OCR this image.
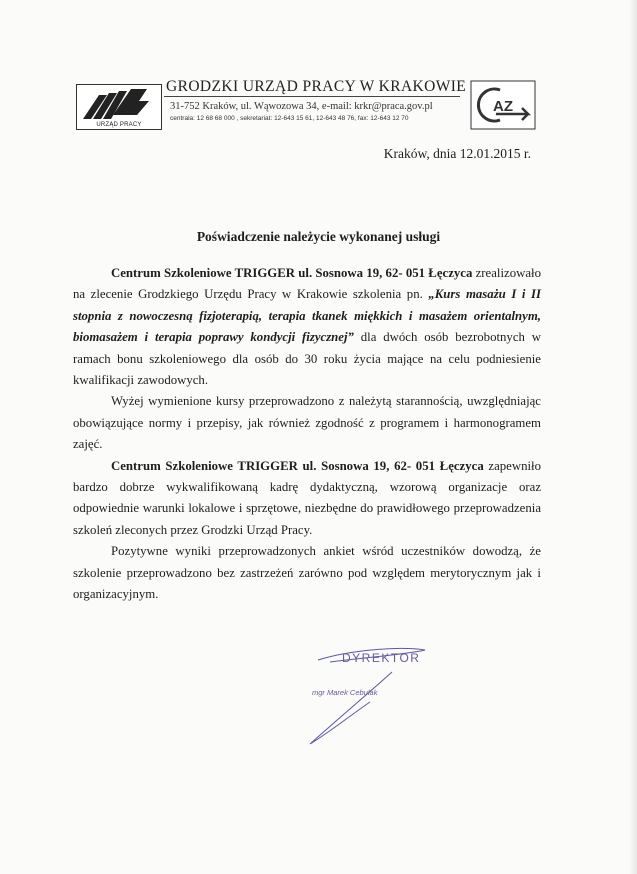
URZĄD PRACY
GRODZKI URZĄD PRACY W KRAKOWIE
31-752 Kraków, ul. Wąwozowa 34, e-mail: krkr@praca.gov.pl
centrala: 12 68 68 000 , sekretariat: 12-643 15 61, 12-643 48 76, fax: 12-643 12 70
AZ
Kraków, dnia 12.01.2015 r.
Poświadczenie należycie wykonanej usługi

Centrum Szkoleniowe TRIGGER ul. Sosnowa 19, 62- 051 Łęczyca zrealizowało na zlecenie Grodzkiego Urzędu Pracy w Krakowie szkolenia pn. „Kurs masażu I i II stopnia z nowoczesną fizjoterapią, terapia tkanek miękkich i masażem orientalnym, biomasażem i terapia poprawy kondycji fizycznej” dla dwóch osób bezrobotnych w ramach bonu szkoleniowego dla osób do 30 roku życia mające na celu podniesienie kwalifikacji zawodowych.

Wyżej wymienione kursy przeprowadzono z należytą starannością, uwzględniając obowiązujące normy i przepisy, jak również zgodność z programem i harmonogramem zajęć.

Centrum Szkoleniowe TRIGGER ul. Sosnowa 19, 62- 051 Łęczyca zapewniło bardzo dobrze wykwalifikowaną kadrę dydaktyczną, wzorową organizacje oraz odpowiednie warunki lokalowe i sprzętowe, niezbędne do prawidłowego przeprowadzenia szkoleń zleconych przez Grodzki Urząd Pracy.

Pozytywne wyniki przeprowadzonych ankiet wśród uczestników dowodzą, że szkolenie przeprowadzono bez zastrzeżeń zarówno pod względem merytorycznym jak i organizacyjnym.

DYREKTOR
mgr Marek Cebulak
